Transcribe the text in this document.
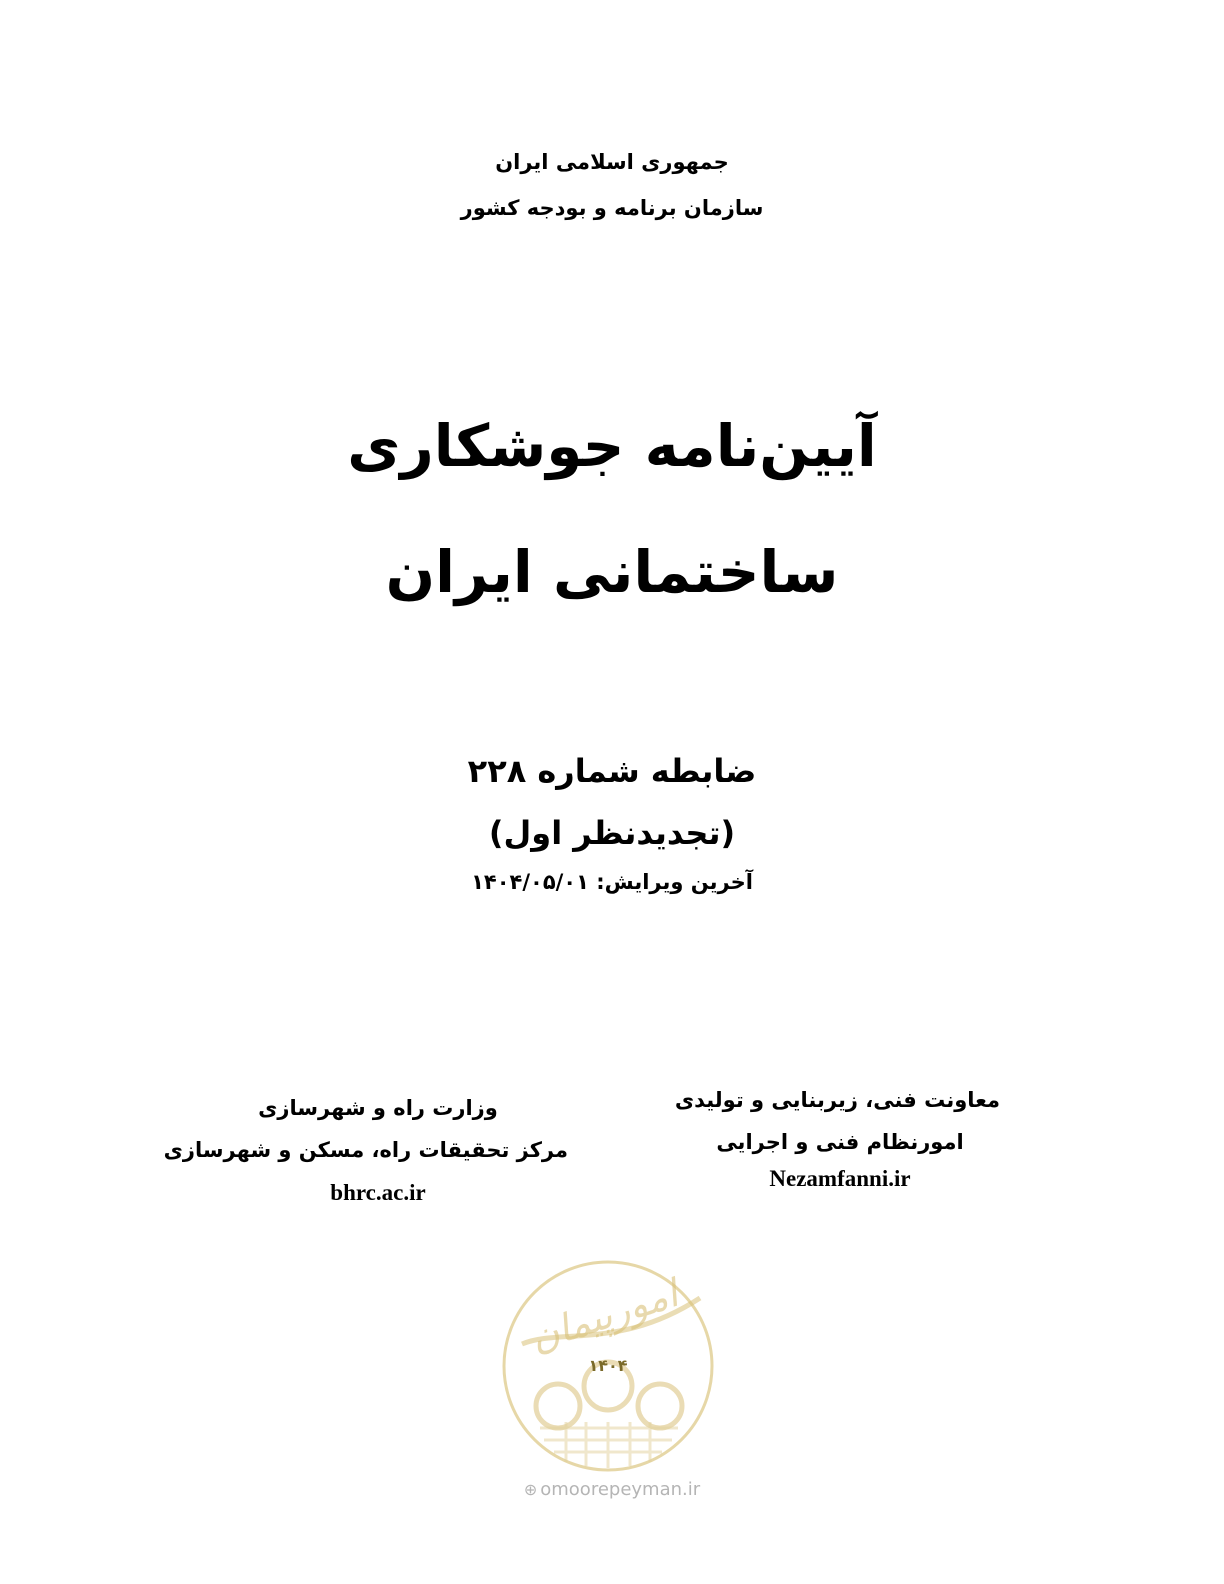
جمهوری اسلامی ایران
سازمان برنامه و بودجه کشور
آیین‌نامه جوشکاری
ساختمانی ایران
ضابطه شماره ۲۲۸
(تجدیدنظر اول)
آخرین ویرایش: ۱۴۰۴/۰۵/۰۱
معاونت فنی، زیربنایی و تولیدی
امورنظام فنی و اجرایی
Nezamfanni.ir
وزارت راه و شهرسازی
مرکز تحقیقات راه، مسکن و شهرسازی
bhrc.ac.ir
امورپیمان
۱۴۰۴
⊕ omoorepeyman.ir
